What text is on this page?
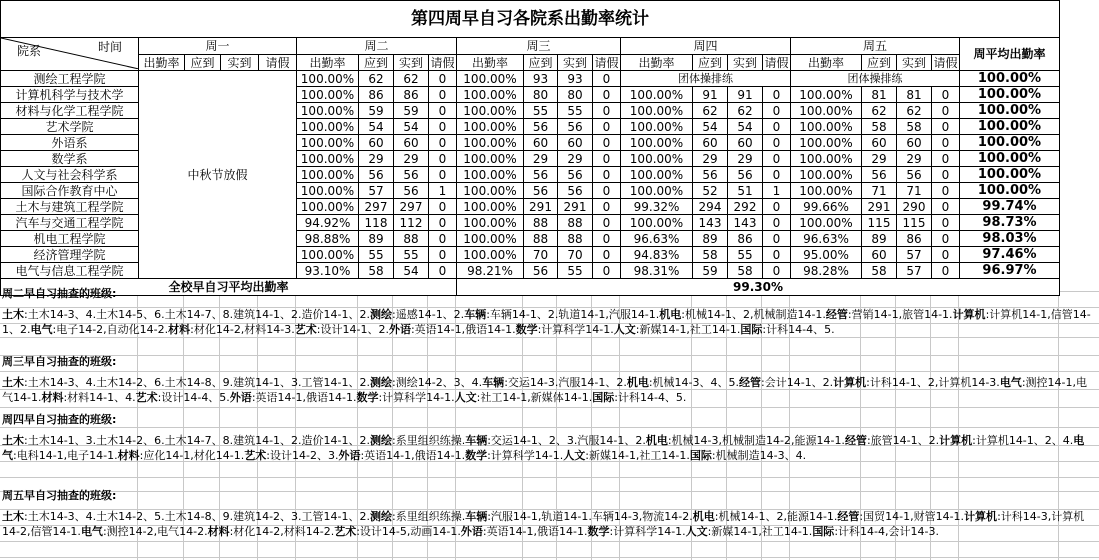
第四周早自习各院系出勤率统计																					

院系 时间	周一				周二				周三				周四				周五				周平均出勤率
	出勤率	应到	实到	请假	出勤率	应到	实到	请假	出勤率	应到	实到	请假	出勤率	应到	实到	请假	出勤率	应到	实到	请假	
测绘工程学院	中秋节放假				100.00%	62	62	0	100.00%	93	93	0	团体操排练				团体操排练				100.00%
计算机科学与技术学					100.00%	86	86	0	100.00%	80	80	0	100.00%	91	91	0	100.00%	81	81	0	100.00%
材料与化学工程学院					100.00%	59	59	0	100.00%	55	55	0	100.00%	62	62	0	100.00%	62	62	0	100.00%
艺术学院					100.00%	54	54	0	100.00%	56	56	0	100.00%	54	54	0	100.00%	58	58	0	100.00%
外语系					100.00%	60	60	0	100.00%	60	60	0	100.00%	60	60	0	100.00%	60	60	0	100.00%
数学系					100.00%	29	29	0	100.00%	29	29	0	100.00%	29	29	0	100.00%	29	29	0	100.00%
人文与社会科学系					100.00%	56	56	0	100.00%	56	56	0	100.00%	56	56	0	100.00%	56	56	0	100.00%
国际合作教育中心					100.00%	57	56	1	100.00%	56	56	0	100.00%	52	51	1	100.00%	71	71	0	100.00%
土木与建筑工程学院					100.00%	297	297	0	100.00%	291	291	0	99.32%	294	292	0	99.66%	291	290	0	99.74%
汽车与交通工程学院					94.92%	118	112	0	100.00%	88	88	0	100.00%	143	143	0	100.00%	115	115	0	98.73%
机电工程学院					98.88%	89	88	0	100.00%	88	88	0	96.63%	89	86	0	96.63%	89	86	0	98.03%
经济管理学院					100.00%	55	55	0	100.00%	70	70	0	94.83%	58	55	0	95.00%	60	57	0	97.46%
电气与信息工程学院					93.10%	58	54	0	98.21%	56	55	0	98.31%	59	58	0	98.28%	58	57	0	96.97%
全校早自习平均出勤率									99.30%												
周二早自习抽查的班级:
土木:土木14-3、4.土木14-5、6.土木14-7、8.建筑14-1、2.造价14-1、2.测绘:遥感14-1、2.车辆:车辆14-1、2.轨道14-1,汽服14-1.机电:机械14-1、2,机械制造14-1.经管:营销14-1,旅管14-1.计算机:计算机14-1,信管14-1、2.电气:电子14-2,自动化14-2.材料:材化14-2,材料14-3.艺术:设计14-1、2.外语:英语14-1,俄语14-1.数学:计算科学14-1.人文:新媒14-1,社工14-1.国际:计科14-4、5.
周三早自习抽查的班级:
土木:土木14-3、4.土木14-2、6.土木14-8、9.建筑14-1、3.工管14-1、2.测绘:测绘14-2、3、4.车辆:交运14-3.汽服14-1、2.机电:机械14-3、4、5.经管:会计14-1、2.计算机:计科14-1、2,计算机14-3.电气:测控14-1,电气14-1.材料:材料14-1、4.艺术:设计14-4、5.外语:英语14-1,俄语14-1.数学:计算科学14-1.人文:社工14-1,新媒体14-1.国际:计科14-4、5.
周四早自习抽查的班级:
土木:土木14-1、3.土木14-2、6.土木14-7、8.建筑14-1、2.造价14-1、2.测绘:系里组织练操.车辆:交运14-1、2、3.汽服14-1、2.机电:机械14-3,机械制造14-2,能源14-1.经管:旅管14-1、2.计算机:计算机14-1、2、4.电气:电科14-1,电子14-1.材料:应化14-1,材化14-1.艺术:设计14-2、3.外语:英语14-1,俄语14-1.数学:计算科学14-1.人文:新媒14-1,社工14-1.国际:机械制造14-3、4.
周五早自习抽查的班级:
土木:土木14-3、4.土木14-2、5.土木14-8、9.建筑14-2、3.工管14-1、2.测绘:系里组织练操.车辆:汽服14-1,轨道14-1.车辆14-3,物流14-2.机电:机械14-1、2,能源14-1.经管:国贸14-1,财管14-1.计算机:计科14-3,计算机14-2,信管14-1.电气:测控14-2,电气14-2.材料:材化14-2,材料14-2.艺术:设计14-5,动画14-1.外语:英语14-1,俄语14-1.数学:计算科学14-1.人文:新媒14-1,社工14-1.国际:计科14-4,会计14-3.
